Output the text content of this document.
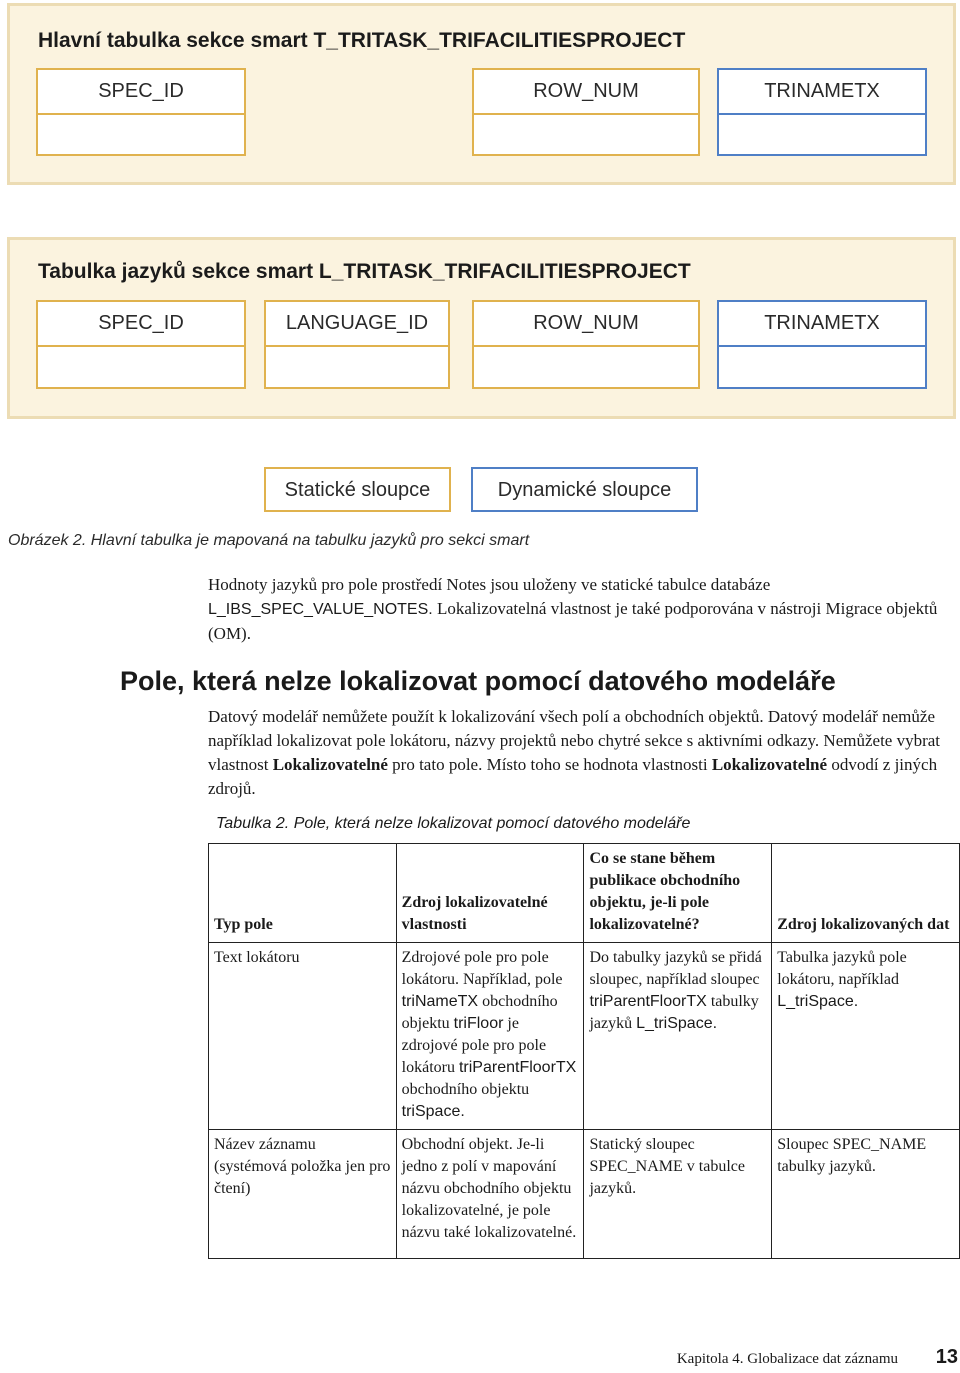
Hlavní tabulka sekce smart T_TRITASK_TRIFACILITIESPROJECT
SPEC_ID	ROW_NUM	TRINAMETX
Tabulka jazyků sekce smart L_TRITASK_TRIFACILITIESPROJECT
SPEC_ID	LANGUAGE_ID	ROW_NUM	TRINAMETX
Statické sloupce	Dynamické sloupce
Obrázek 2. Hlavní tabulka je mapovaná na tabulku jazyků pro sekci smart
Hodnoty jazyků pro pole prostředí Notes jsou uloženy ve statické tabulce databáze
L_IBS_SPEC_VALUE_NOTES. Lokalizovatelná vlastnost je také podporována v nástroji Migrace objektů (OM).
Pole, která nelze lokalizovat pomocí datového modeláře
Datový modelář nemůžete použít k lokalizování všech polí a obchodních objektů. Datový modelář nemůže například lokalizovat pole lokátoru, názvy projektů nebo chytré sekce s aktivními odkazy. Nemůžete vybrat vlastnost Lokalizovatelné pro tato pole. Místo toho se hodnota vlastnosti Lokalizovatelné odvodí z jiných zdrojů.
Tabulka 2. Pole, která nelze lokalizovat pomocí datového modeláře
Typ pole	Zdroj lokalizovatelné vlastnosti	Co se stane během publikace obchodního objektu, je-li pole lokalizovatelné?	Zdroj lokalizovaných dat
Text lokátoru	Zdrojové pole pro pole lokátoru. Například, pole triNameTX obchodního objektu triFloor je zdrojové pole pro pole lokátoru triParentFloorTX obchodního objektu triSpace.	Do tabulky jazyků se přidá sloupec, například sloupec triParentFloorTX tabulky jazyků L_triSpace.	Tabulka jazyků pole lokátoru, například L_triSpace.
Název záznamu (systémová položka jen pro čtení)	Obchodní objekt. Je-li jedno z polí v mapování názvu obchodního objektu lokalizovatelné, je pole názvu také lokalizovatelné.	Statický sloupec SPEC_NAME v tabulce jazyků.	Sloupec SPEC_NAME tabulky jazyků.
Kapitola 4. Globalizace dat záznamu 13
